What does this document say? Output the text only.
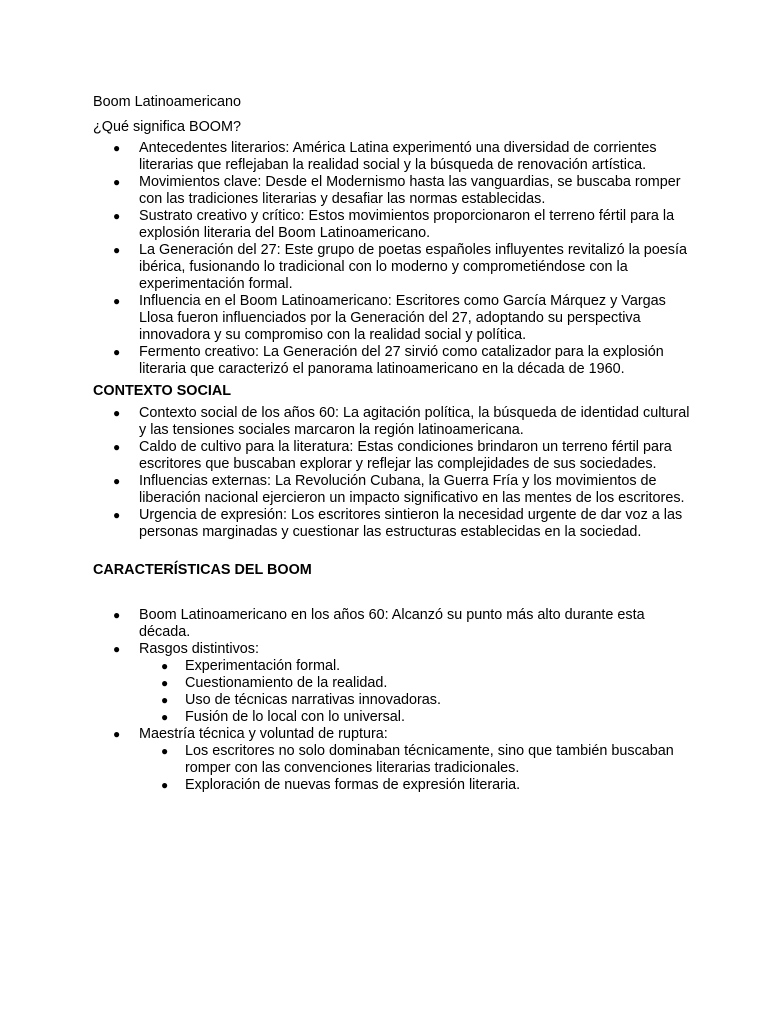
Boom Latinoamericano

¿Qué significa BOOM?

● Antecedentes literarios: América Latina experimentó una diversidad de corrientes literarias que reflejaban la realidad social y la búsqueda de renovación artística.
● Movimientos clave: Desde el Modernismo hasta las vanguardias, se buscaba romper con las tradiciones literarias y desafiar las normas establecidas.
● Sustrato creativo y crítico: Estos movimientos proporcionaron el terreno fértil para la explosión literaria del Boom Latinoamericano.
● La Generación del 27: Este grupo de poetas españoles influyentes revitalizó la poesía ibérica, fusionando lo tradicional con lo moderno y comprometiéndose con la experimentación formal.
● Influencia en el Boom Latinoamericano: Escritores como García Márquez y Vargas Llosa fueron influenciados por la Generación del 27, adoptando su perspectiva innovadora y su compromiso con la realidad social y política.
● Fermento creativo: La Generación del 27 sirvió como catalizador para la explosión literaria que caracterizó el panorama latinoamericano en la década de 1960.

CONTEXTO SOCIAL

● Contexto social de los años 60: La agitación política, la búsqueda de identidad cultural y las tensiones sociales marcaron la región latinoamericana.
● Caldo de cultivo para la literatura: Estas condiciones brindaron un terreno fértil para escritores que buscaban explorar y reflejar las complejidades de sus sociedades.
● Influencias externas: La Revolución Cubana, la Guerra Fría y los movimientos de liberación nacional ejercieron un impacto significativo en las mentes de los escritores.
● Urgencia de expresión: Los escritores sintieron la necesidad urgente de dar voz a las personas marginadas y cuestionar las estructuras establecidas en la sociedad.

CARACTERÍSTICAS DEL BOOM

● Boom Latinoamericano en los años 60: Alcanzó su punto más alto durante esta década.
● Rasgos distintivos:
● Experimentación formal.
● Cuestionamiento de la realidad.
● Uso de técnicas narrativas innovadoras.
● Fusión de lo local con lo universal.
● Maestría técnica y voluntad de ruptura:
● Los escritores no solo dominaban técnicamente, sino que también buscaban romper con las convenciones literarias tradicionales.
● Exploración de nuevas formas de expresión literaria.
